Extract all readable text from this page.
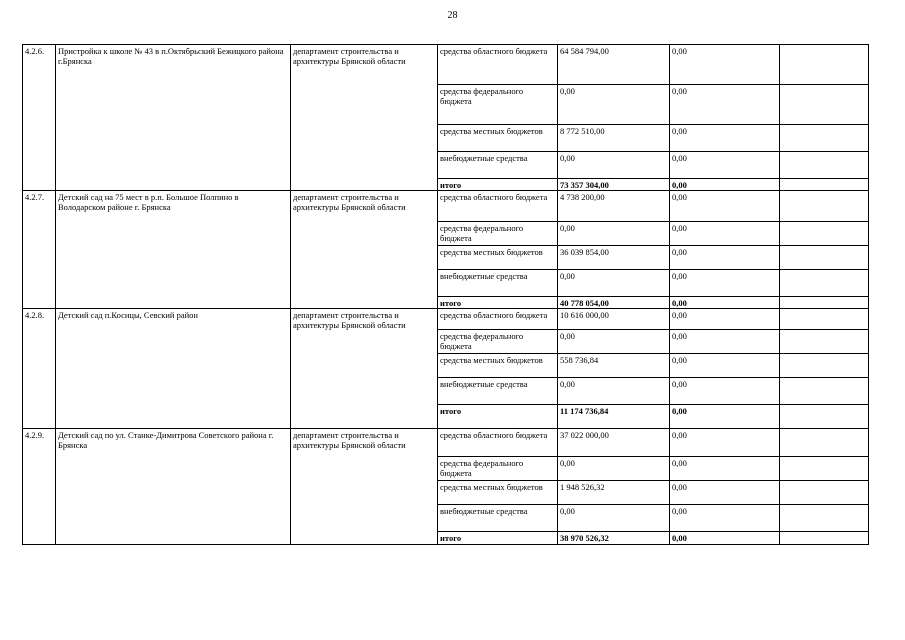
28
4.2.6.	Пристройка к школе № 43 в п.Октябрьский Бежицкого района г.Брянска	департамент строительства и архитектуры Брянской области	средства областного бюджета	64 584 794,00	0,00	
			средства федерального бюджета	0,00	0,00	
			средства местных бюджетов	8 772 510,00	0,00	
			внебюджетные средства	0,00	0,00	
			итого	73 357 304,00	0,00	
4.2.7.	Детский сад на 75 мест в р.п. Большое Полпино в Володарском районе г. Брянска	департамент строительства и архитектуры Брянской области	средства областного бюджета	4 738 200,00	0,00	
			средства федерального бюджета	0,00	0,00	
			средства местных бюджетов	36 039 854,00	0,00	
			внебюджетные средства	0,00	0,00	
			итого	40 778 054,00	0,00	
4.2.8.	Детский сад п.Косицы, Севский район	департамент строительства и архитектуры Брянской области	средства областного бюджета	10 616 000,00	0,00	
			средства федерального бюджета	0,00	0,00	
			средства местных бюджетов	558 736,84	0,00	
			внебюджетные средства	0,00	0,00	
			итого	11 174 736,84	0,00	
4.2.9.	Детский сад по ул. Станке-Димитрова Советского района г. Брянска	департамент строительства и архитектуры Брянской области	средства областного бюджета	37 022 000,00	0,00	
			средства федерального бюджета	0,00	0,00	
			средства местных бюджетов	1 948 526,32	0,00	
			внебюджетные средства	0,00	0,00	
			итого	38 970 526,32	0,00	
